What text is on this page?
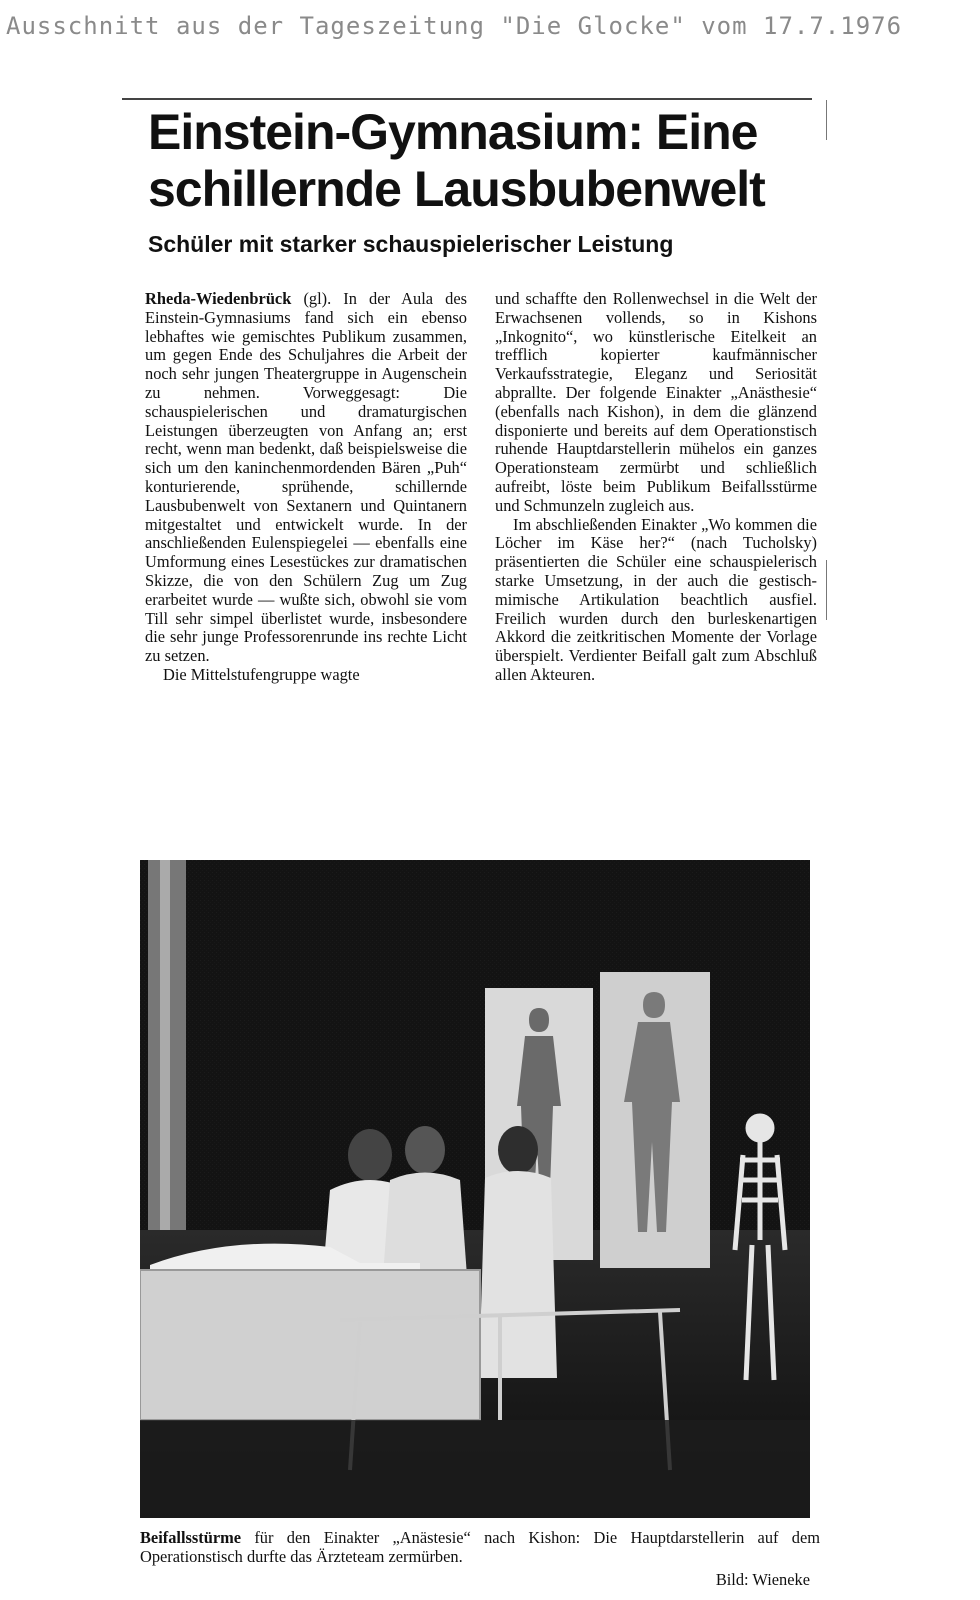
Ausschnitt aus der Tageszeitung "Die Glocke" vom 17.7.1976
Einstein-Gymnasium: Eine
schillernde Lausbubenwelt
Schüler mit starker schauspielerischer Leistung

Rheda-Wiedenbrück (gl). In der Aula des Einstein-Gymnasiums fand sich ein ebenso lebhaftes wie gemischtes Publikum zusammen, um gegen Ende des Schuljahres die Arbeit der noch sehr jungen Theatergruppe in Augenschein zu nehmen. Vorweggesagt: Die schauspielerischen und dramaturgischen Leistungen überzeugten von Anfang an; erst recht, wenn man bedenkt, daß beispielsweise die sich um den kaninchenmordenden Bären „Puh“ konturierende, sprühende, schillernde Lausbubenwelt von Sextanern und Quintanern mitgestaltet und entwickelt wurde. In der anschließenden Eulenspiegelei — ebenfalls eine Umformung eines Lesestückes zur dramatischen Skizze, die von den Schülern Zug um Zug erarbeitet wurde — wußte sich, obwohl sie vom Till sehr simpel überlistet wurde, insbesondere die sehr junge Professorenrunde ins rechte Licht zu setzen.

Die Mittelstufengruppe wagte

und schaffte den Rollenwechsel in die Welt der Erwachsenen vollends, so in Kishons „Inkognito“, wo künstlerische Eitelkeit an trefflich kopierter kaufmännischer Verkaufsstrategie, Eleganz und Seriosität abprallte. Der folgende Einakter „Anästhesie“ (ebenfalls nach Kishon), in dem die glänzend disponierte und bereits auf dem Operationstisch ruhende Hauptdarstellerin mühelos ein ganzes Operationsteam zermürbt und schließlich aufreibt, löste beim Publikum Beifallsstürme und Schmunzeln zugleich aus.

Im abschließenden Einakter „Wo kommen die Löcher im Käse her?“ (nach Tucholsky) präsentierten die Schüler eine schauspielerisch starke Umsetzung, in der auch die gestisch-mimische Artikulation beachtlich ausfiel. Freilich wurden durch den burleskenartigen Akkord die zeitkritischen Momente der Vorlage überspielt. Verdienter Beifall galt zum Abschluß allen Akteuren.

Beifallsstürme für den Einakter „Anästesie“ nach Kishon: Die Hauptdarstellerin auf dem Operationstisch durfte das Ärzteteam zermürben.

Bild: Wieneke
